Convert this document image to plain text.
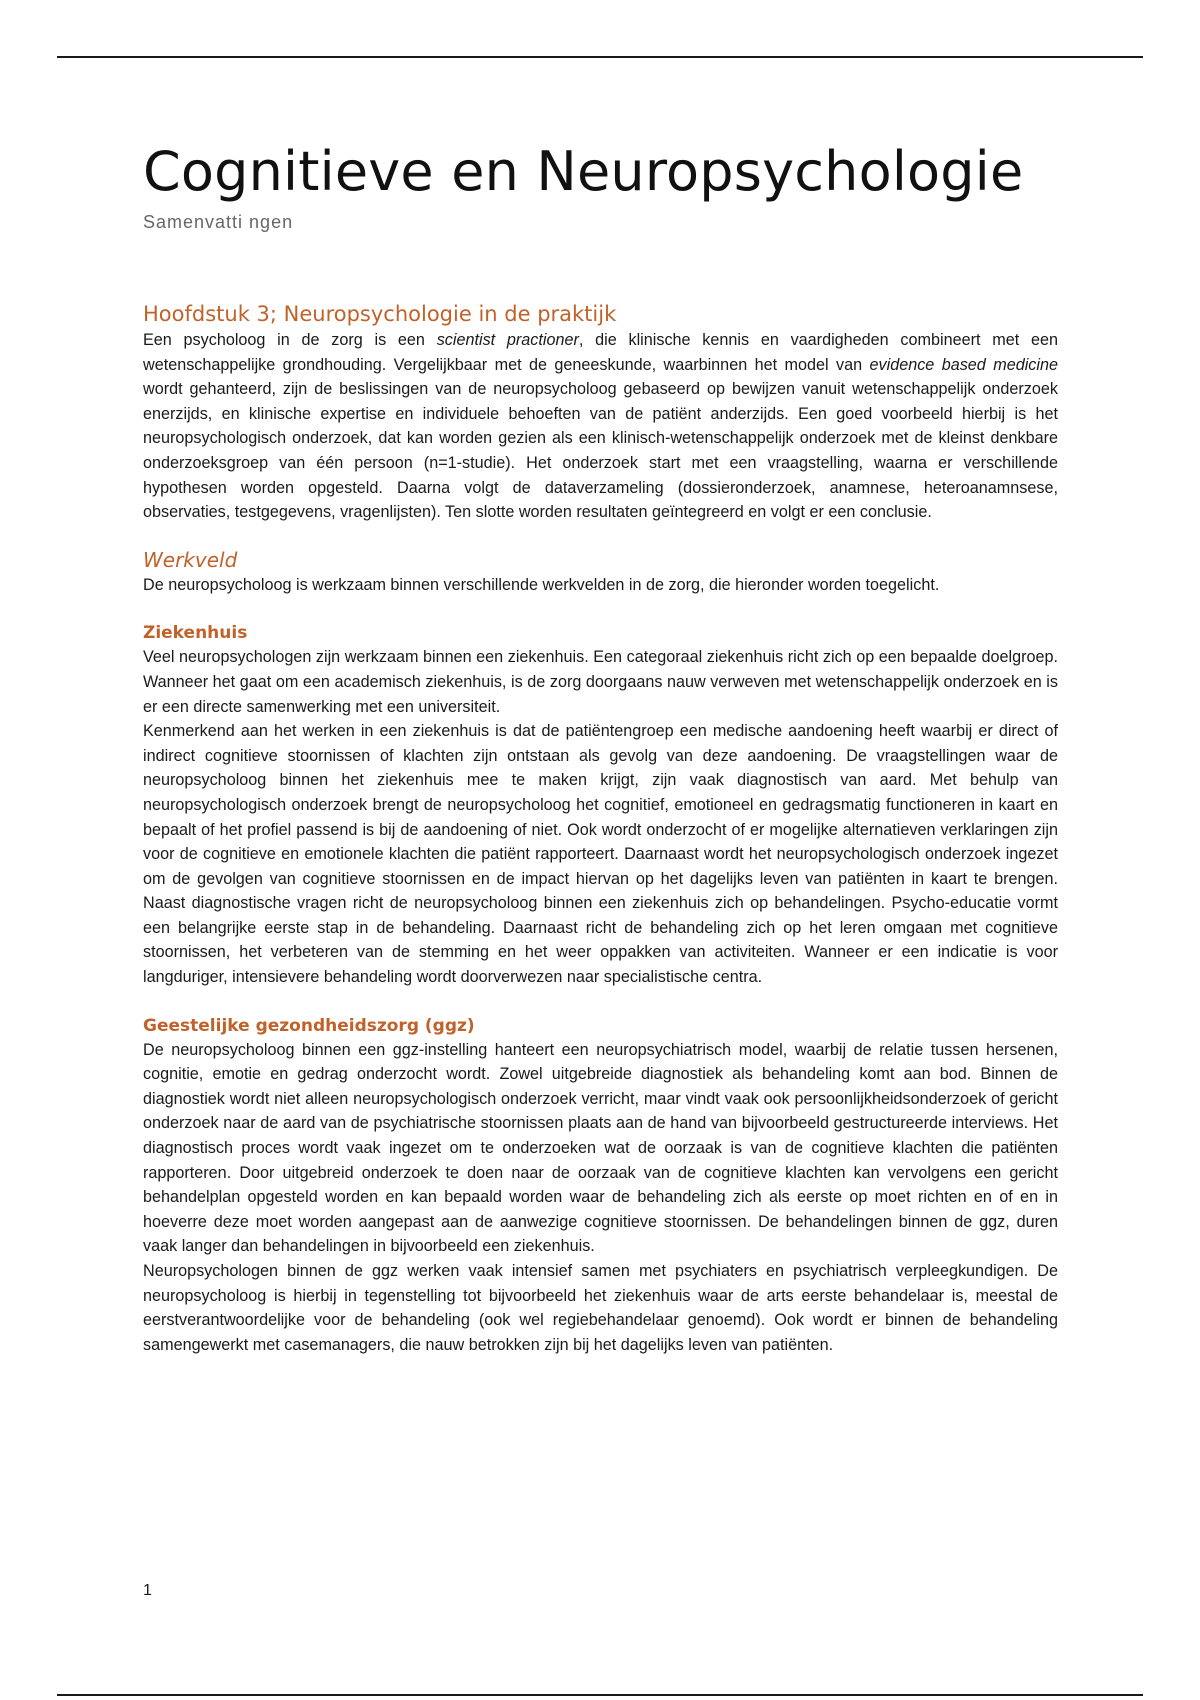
Cognitieve en Neuropsychologie
Samenvatti ngen
Hoofdstuk 3; Neuropsychologie in de praktijk

Een psycholoog in de zorg is een scientist practioner, die klinische kennis en vaardigheden combineert met een wetenschappelijke grondhouding. Vergelijkbaar met de geneeskunde, waarbinnen het model van evidence based medicine wordt gehanteerd, zijn de beslissingen van de neuropsycholoog gebaseerd op bewijzen vanuit wetenschappelijk onderzoek enerzijds, en klinische expertise en individuele behoeften van de patiënt anderzijds. Een goed voorbeeld hierbij is het neuropsychologisch onderzoek, dat kan worden gezien als een klinisch-wetenschappelijk onderzoek met de kleinst denkbare onderzoeksgroep van één persoon (n=1-studie). Het onderzoek start met een vraagstelling, waarna er verschillende hypothesen worden opgesteld. Daarna volgt de dataverzameling (dossieronderzoek, anamnese, heteroanamnsese, observaties, testgegevens, vragenlijsten). Ten slotte worden resultaten geïntegreerd en volgt er een conclusie.

Werkveld

De neuropsycholoog is werkzaam binnen verschillende werkvelden in de zorg, die hieronder worden toegelicht.

Ziekenhuis

Veel neuropsychologen zijn werkzaam binnen een ziekenhuis. Een categoraal ziekenhuis richt zich op een bepaalde doelgroep. Wanneer het gaat om een academisch ziekenhuis, is de zorg doorgaans nauw verweven met wetenschappelijk onderzoek en is er een directe samenwerking met een universiteit.

Kenmerkend aan het werken in een ziekenhuis is dat de patiëntengroep een medische aandoening heeft waarbij er direct of indirect cognitieve stoornissen of klachten zijn ontstaan als gevolg van deze aandoening. De vraagstellingen waar de neuropsycholoog binnen het ziekenhuis mee te maken krijgt, zijn vaak diagnostisch van aard. Met behulp van neuropsychologisch onderzoek brengt de neuropsycholoog het cognitief, emotioneel en gedragsmatig functioneren in kaart en bepaalt of het profiel passend is bij de aandoening of niet. Ook wordt onderzocht of er mogelijke alternatieven verklaringen zijn voor de cognitieve en emotionele klachten die patiënt rapporteert. Daarnaast wordt het neuropsychologisch onderzoek ingezet om de gevolgen van cognitieve stoornissen en de impact hiervan op het dagelijks leven van patiënten in kaart te brengen. Naast diagnostische vragen richt de neuropsycholoog binnen een ziekenhuis zich op behandelingen. Psycho-educatie vormt een belangrijke eerste stap in de behandeling. Daarnaast richt de behandeling zich op het leren omgaan met cognitieve stoornissen, het verbeteren van de stemming en het weer oppakken van activiteiten. Wanneer er een indicatie is voor langduriger, intensievere behandeling wordt doorverwezen naar specialistische centra.

Geestelijke gezondheidszorg (ggz)

De neuropsycholoog binnen een ggz-instelling hanteert een neuropsychiatrisch model, waarbij de relatie tussen hersenen, cognitie, emotie en gedrag onderzocht wordt. Zowel uitgebreide diagnostiek als behandeling komt aan bod. Binnen de diagnostiek wordt niet alleen neuropsychologisch onderzoek verricht, maar vindt vaak ook persoonlijkheidsonderzoek of gericht onderzoek naar de aard van de psychiatrische stoornissen plaats aan de hand van bijvoorbeeld gestructureerde interviews. Het diagnostisch proces wordt vaak ingezet om te onderzoeken wat de oorzaak is van de cognitieve klachten die patiënten rapporteren. Door uitgebreid onderzoek te doen naar de oorzaak van de cognitieve klachten kan vervolgens een gericht behandelplan opgesteld worden en kan bepaald worden waar de behandeling zich als eerste op moet richten en of en in hoeverre deze moet worden aangepast aan de aanwezige cognitieve stoornissen. De behandelingen binnen de ggz, duren vaak langer dan behandelingen in bijvoorbeeld een ziekenhuis.

Neuropsychologen binnen de ggz werken vaak intensief samen met psychiaters en psychiatrisch verpleegkundigen. De neuropsycholoog is hierbij in tegenstelling tot bijvoorbeeld het ziekenhuis waar de arts eerste behandelaar is, meestal de eerstverantwoordelijke voor de behandeling (ook wel regiebehandelaar genoemd). Ook wordt er binnen de behandeling samengewerkt met casemanagers, die nauw betrokken zijn bij het dagelijks leven van patiënten.

1
